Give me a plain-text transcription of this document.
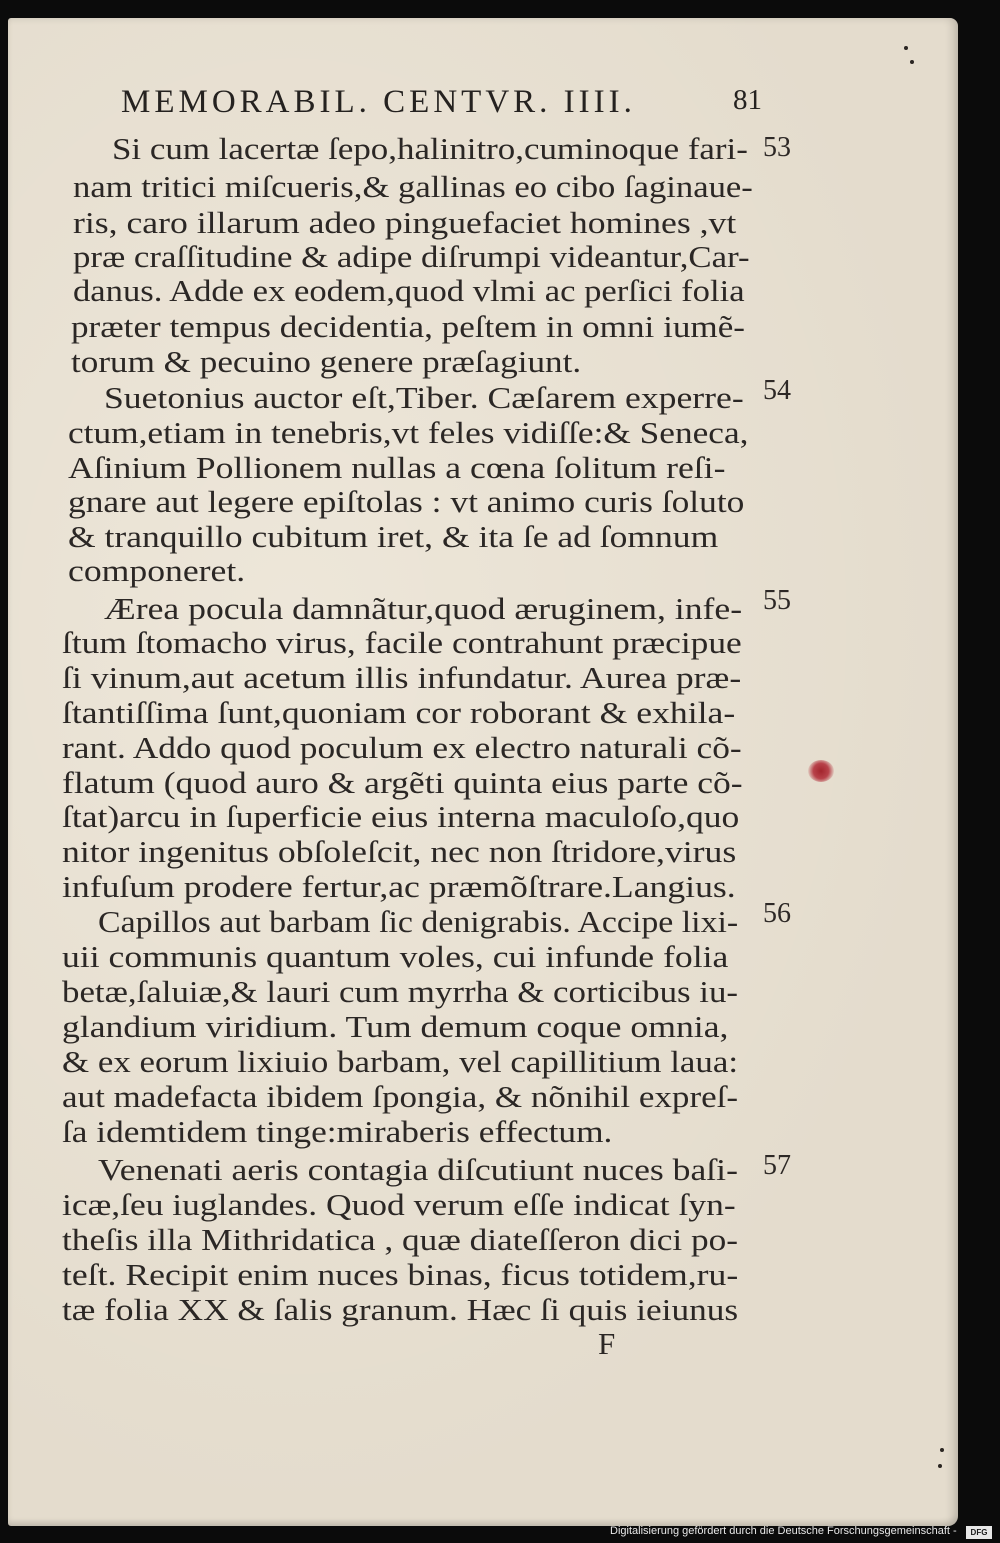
MEMORABIL. CENTVR. IIII.	81
Si cum lacertæ ſepo,halinitro,cuminoque fari-
nam tritici miſcueris,& gallinas eo cibo ſaginaue-
ris, caro illarum adeo pinguefaciet homines ,vt
præ craſſitudine & adipe diſrumpi videantur,Car-
danus. Adde ex eodem,quod vlmi ac perſici folia
præter tempus decidentia, peſtem in omni iumẽ-
torum & pecuino genere præſagiunt.
Suetonius auctor eſt,Tiber. Cæſarem experre-
ctum,etiam in tenebris,vt feles vidiſſe:& Seneca,
Aſinium Pollionem nullas a cœna ſolitum reſi-
gnare aut legere epiſtolas : vt animo curis ſoluto
& tranquillo cubitum iret, & ita ſe ad ſomnum
componeret.
Ærea pocula damnãtur,quod æruginem, infe-
ſtum ſtomacho virus, facile contrahunt præcipue
ſi vinum,aut acetum illis infundatur. Aurea præ-
ſtantiſſima ſunt,quoniam cor roborant & exhila-
rant. Addo quod poculum ex electro naturali cõ-
flatum (quod auro & argẽti quinta eius parte cõ-
ſtat)arcu in ſuperficie eius interna maculoſo,quo
nitor ingenitus obſoleſcit, nec non ſtridore,virus
infuſum prodere fertur,ac præmõſtrare.Langius.
Capillos aut barbam ſic denigrabis. Accipe lixi-
uii communis quantum voles, cui infunde folia
betæ,ſaluiæ,& lauri cum myrrha & corticibus iu-
glandium viridium. Tum demum coque omnia,
& ex eorum lixiuio barbam, vel capillitium laua:
aut madefacta ibidem ſpongia, & nõnihil expreſ-
ſa idemtidem tinge:miraberis effectum.
Venenati aeris contagia diſcutiunt nuces baſi-
icæ,ſeu iuglandes. Quod verum eſſe indicat ſyn-
theſis illa Mithridatica , quæ diateſſeron dici po-
teſt. Recipit enim nuces binas, ficus totidem,ru-
tæ folia XX & ſalis granum. Hæc ſi quis ieiunus
53
54
55
56
57
F
Digitalisierung gefördert durch die Deutsche Forschungsgemeinschaft -	DFG
